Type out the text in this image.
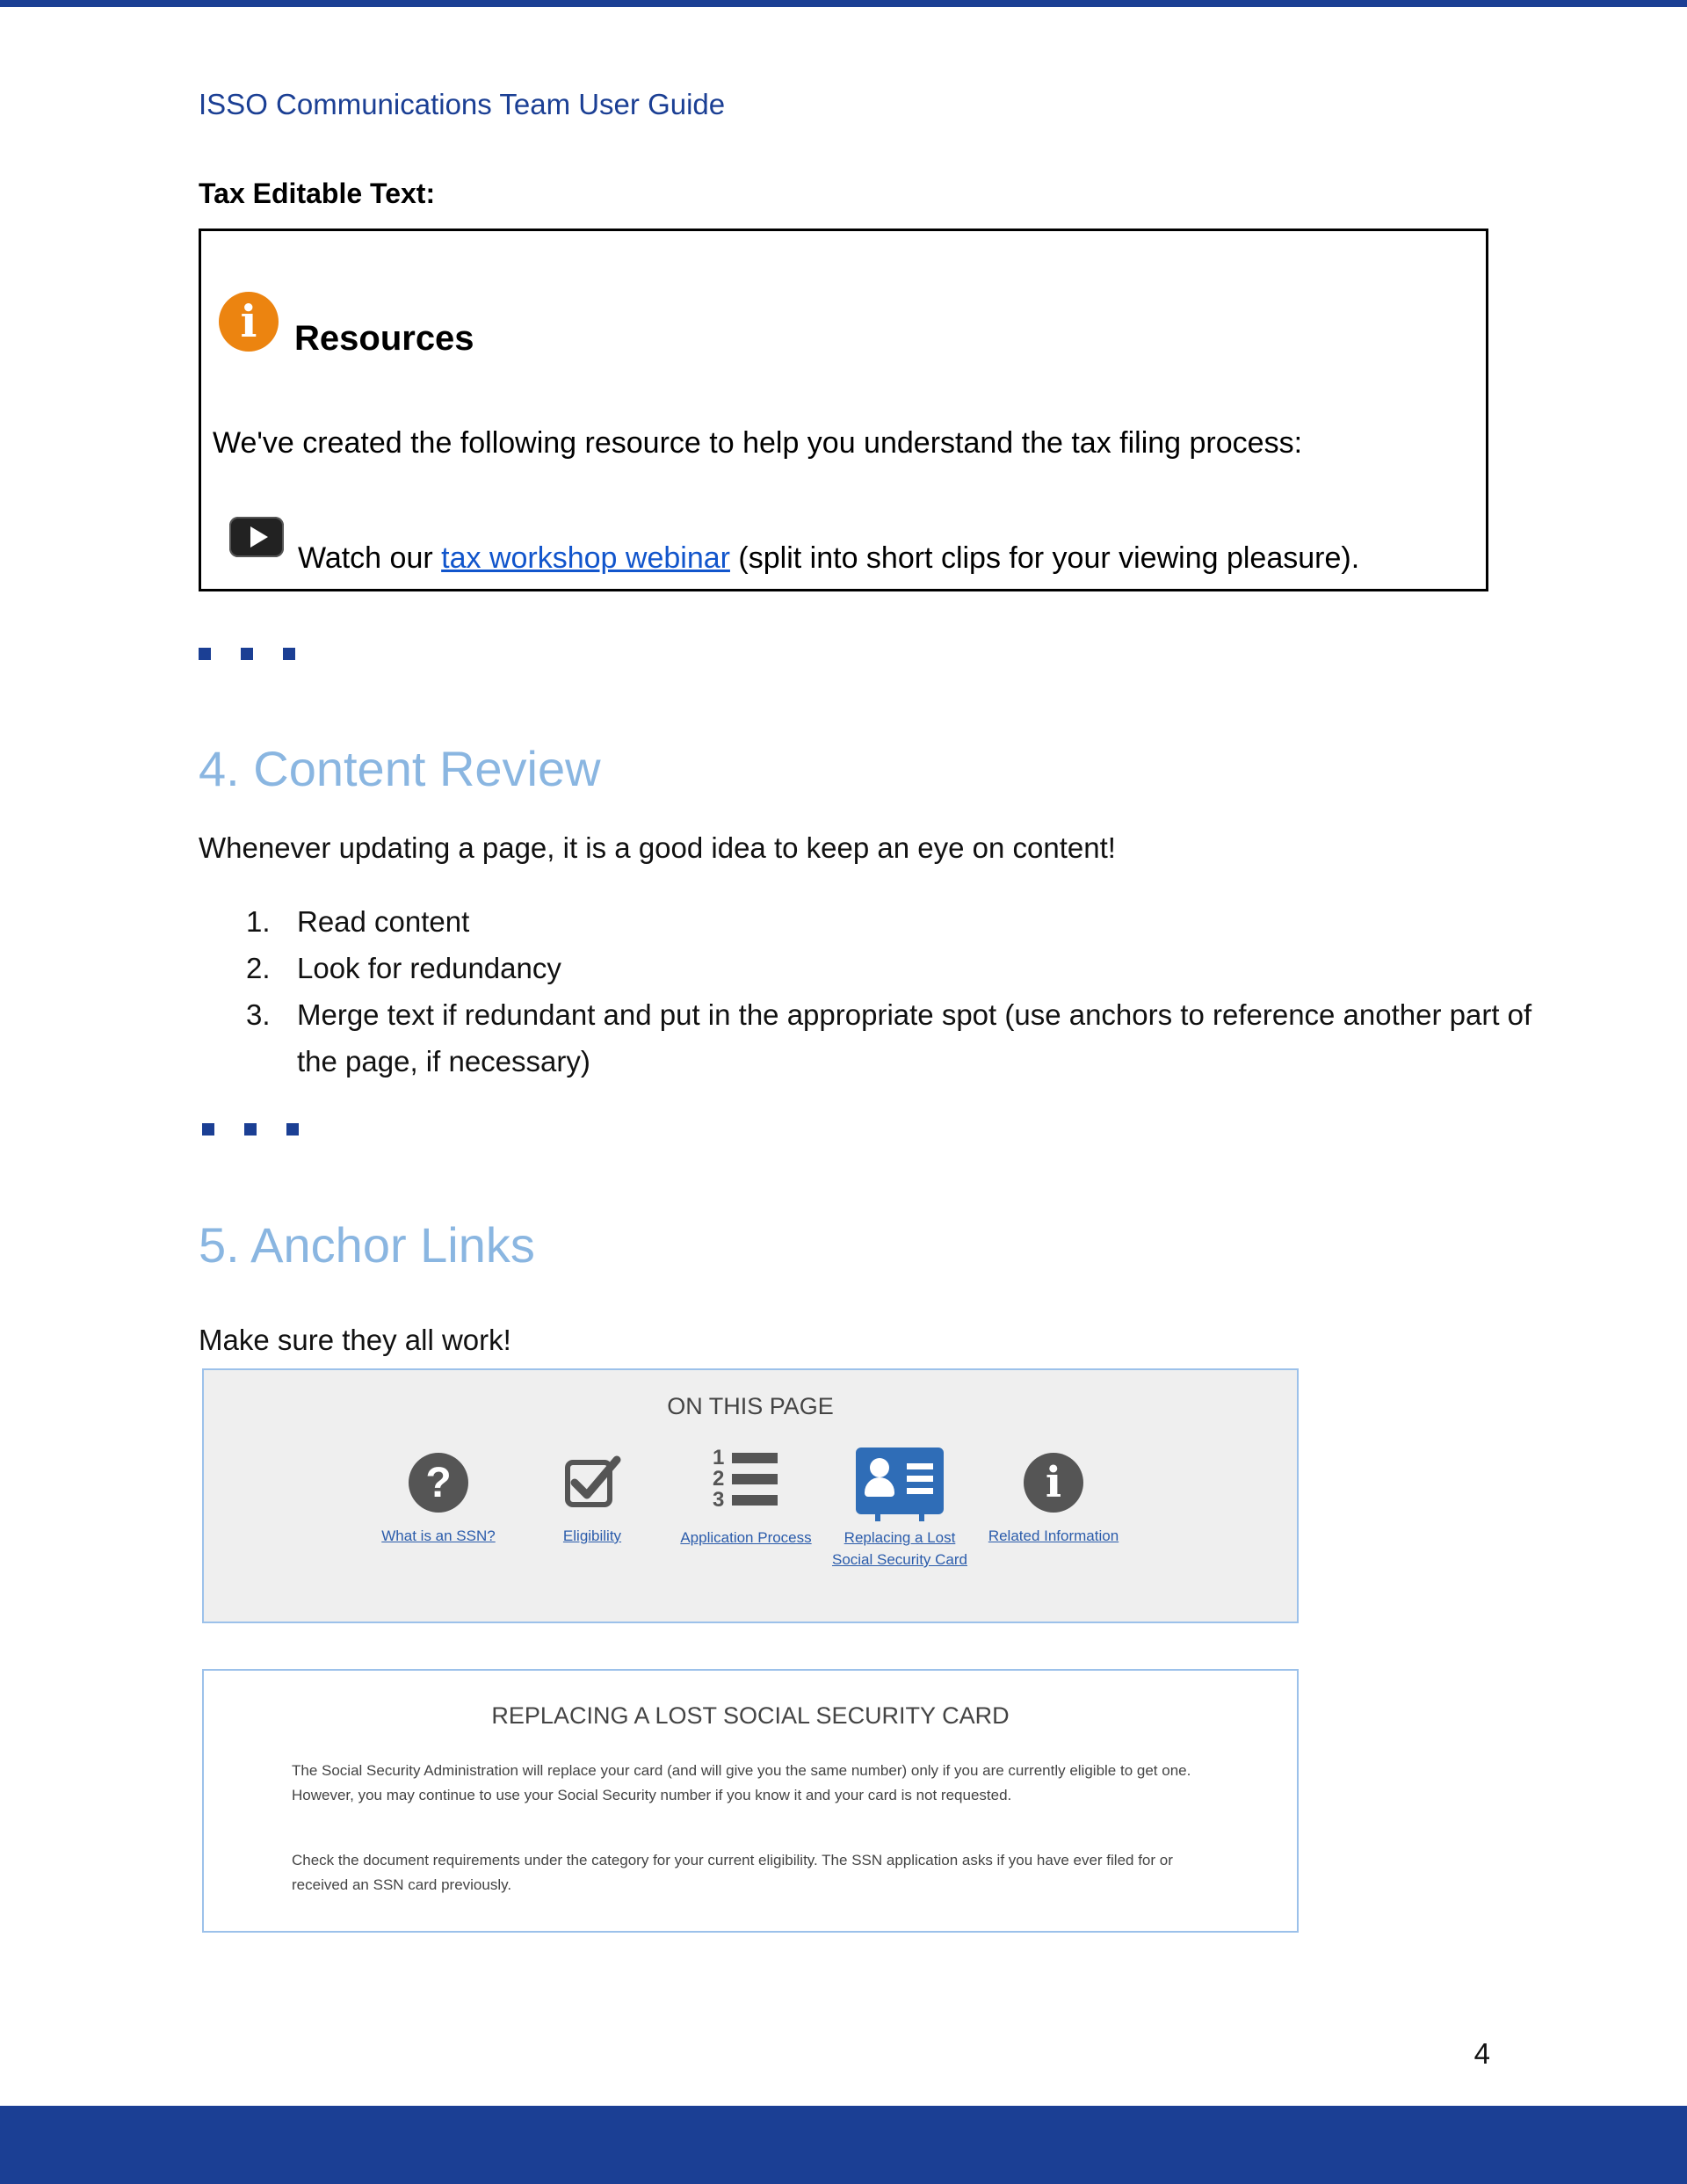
ISSO Communications Team User Guide
Tax Editable Text:
i	Resources
We've created the following resource to help you understand the tax filing process:
Watch our tax workshop webinar (split into short clips for your viewing pleasure).
4. Content Review
Whenever updating a page, it is a good idea to keep an eye on content!
1. Read content
2. Look for redundancy
3. Merge text if redundant and put in the appropriate spot (use anchors to reference another part of the page, if necessary)
5. Anchor Links
Make sure they all work!
ON THIS PAGE
?
What is an SSN?	Eligibility
1
2
3
Application Process	Replacing a Lost Social Security Card
i
Related Information
REPLACING A LOST SOCIAL SECURITY CARD

The Social Security Administration will replace your card (and will give you the same number) only if you are currently eligible to get one. However, you may continue to use your Social Security number if you know it and your card is not requested.

Check the document requirements under the category for your current eligibility. The SSN application asks if you have ever filed for or received an SSN card previously.

4
